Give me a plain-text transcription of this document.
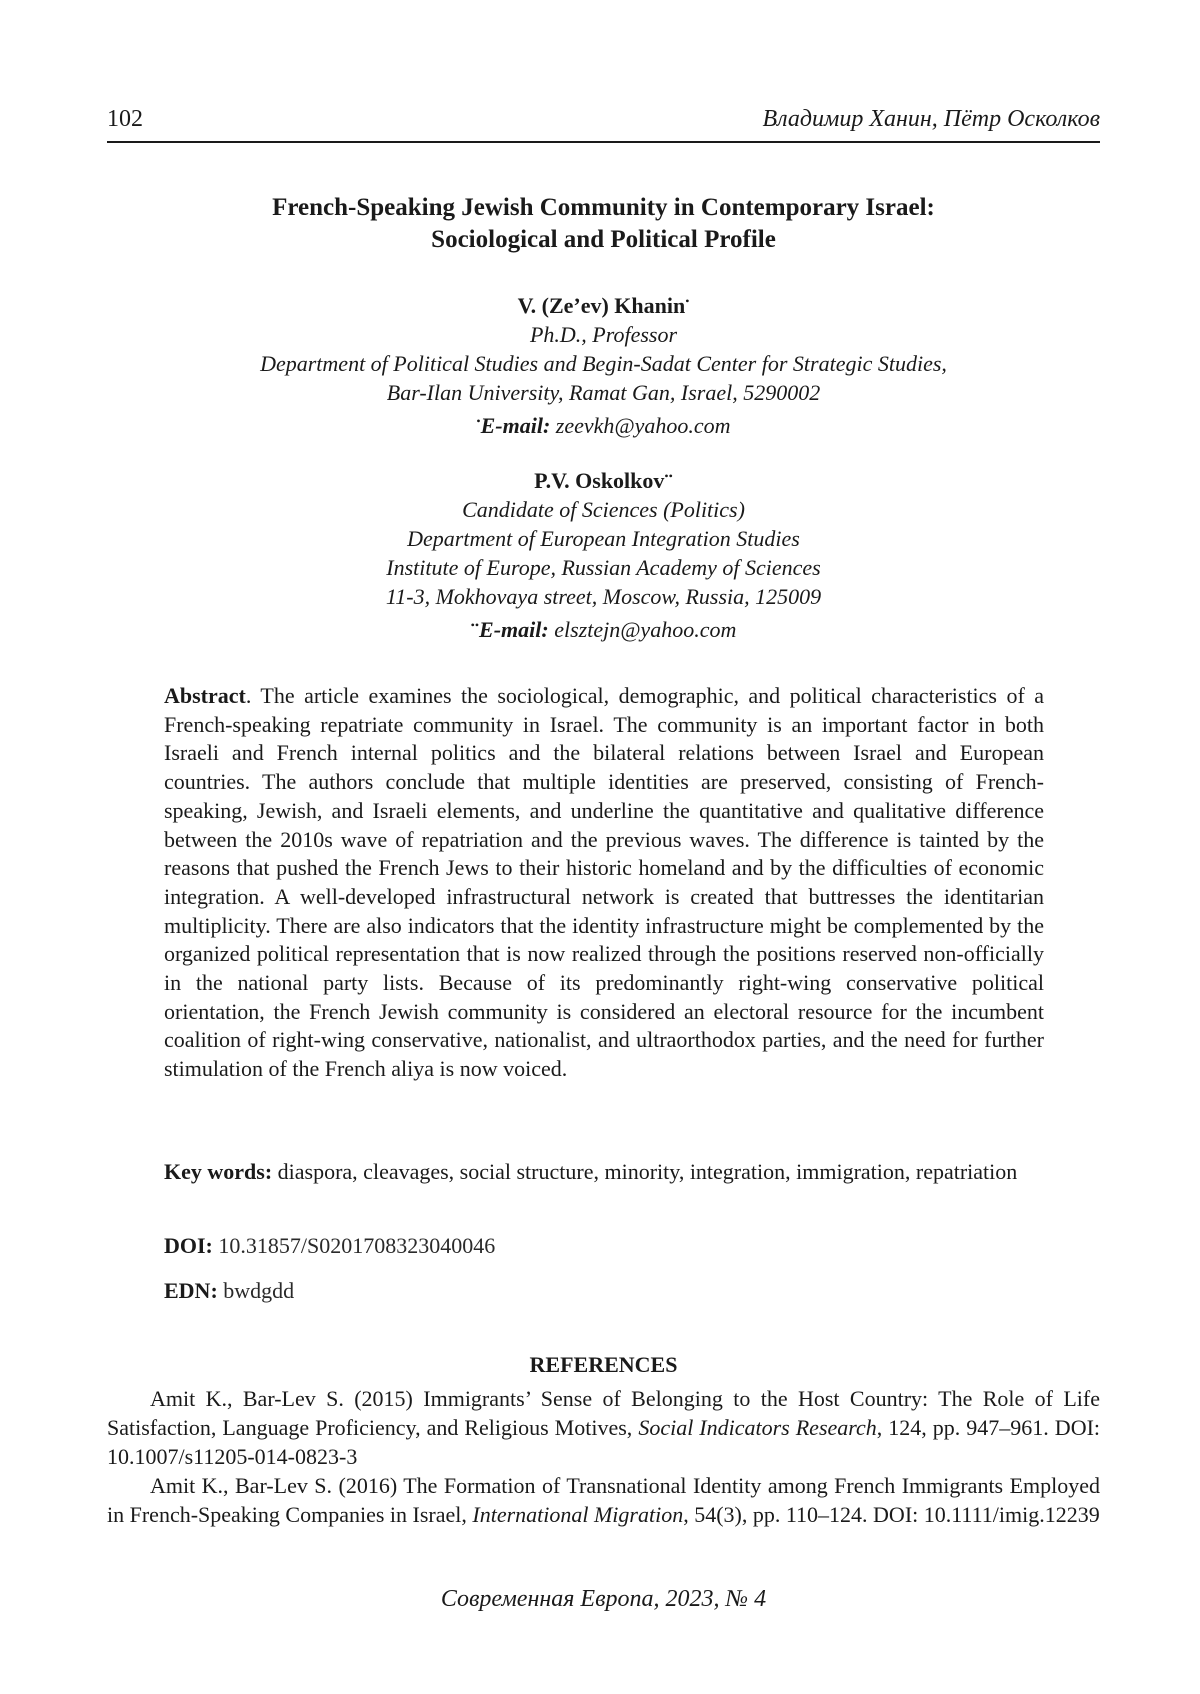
102	Владимир Ханин, Пётр Осколков
French-Speaking Jewish Community in Contemporary Israel:
Sociological and Political Profile
V. (Ze’ev) Khanin•
Ph.D., Professor
Department of Political Studies and Begin-Sadat Center for Strategic Studies,
Bar-Ilan University, Ramat Gan, Israel, 5290002
•E-mail: zeevkh@yahoo.com
P.V. Oskolkov••
Candidate of Sciences (Politics)
Department of European Integration Studies
Institute of Europe, Russian Academy of Sciences
11-3, Mokhovaya street, Moscow, Russia, 125009
••E-mail: elsztejn@yahoo.com
Abstract. The article examines the sociological, demographic, and political characteristics of a French-speaking repatriate community in Israel. The community is an important factor in both Israeli and French internal politics and the bilateral relations between Israel and European countries. The authors conclude that multiple identities are preserved, consisting of French-speaking, Jewish, and Israeli elements, and underline the quantitative and qualitative difference between the 2010s wave of repatriation and the previous waves. The difference is tainted by the reasons that pushed the French Jews to their historic homeland and by the difficulties of economic integration. A well-developed infrastructural network is created that buttresses the identitarian multiplicity. There are also indicators that the identity infrastructure might be complemented by the organized political representation that is now realized through the positions reserved non-officially in the national party lists. Because of its predominantly right-wing conservative political orientation, the French Jewish community is considered an electoral resource for the incumbent coalition of right-wing conservative, nationalist, and ultraorthodox parties, and the need for further stimulation of the French aliya is now voiced.
Key words: diaspora, cleavages, social structure, minority, integration, immigration, repatriation
DOI: 10.31857/S0201708323040046
EDN: bwdgdd
REFERENCES

Amit K., Bar-Lev S. (2015) Immigrants’ Sense of Belonging to the Host Country: The Role of Life Satisfaction, Language Proficiency, and Religious Motives, Social Indicators Research, 124, pp. 947–961. DOI: 10.1007/s11205-014-0823-3

Amit K., Bar-Lev S. (2016) The Formation of Transnational Identity among French Immigrants Employed in French-Speaking Companies in Israel, International Migration, 54(3), pp. 110–124. DOI: 10.1111/imig.12239

Современная Европа, 2023, № 4
